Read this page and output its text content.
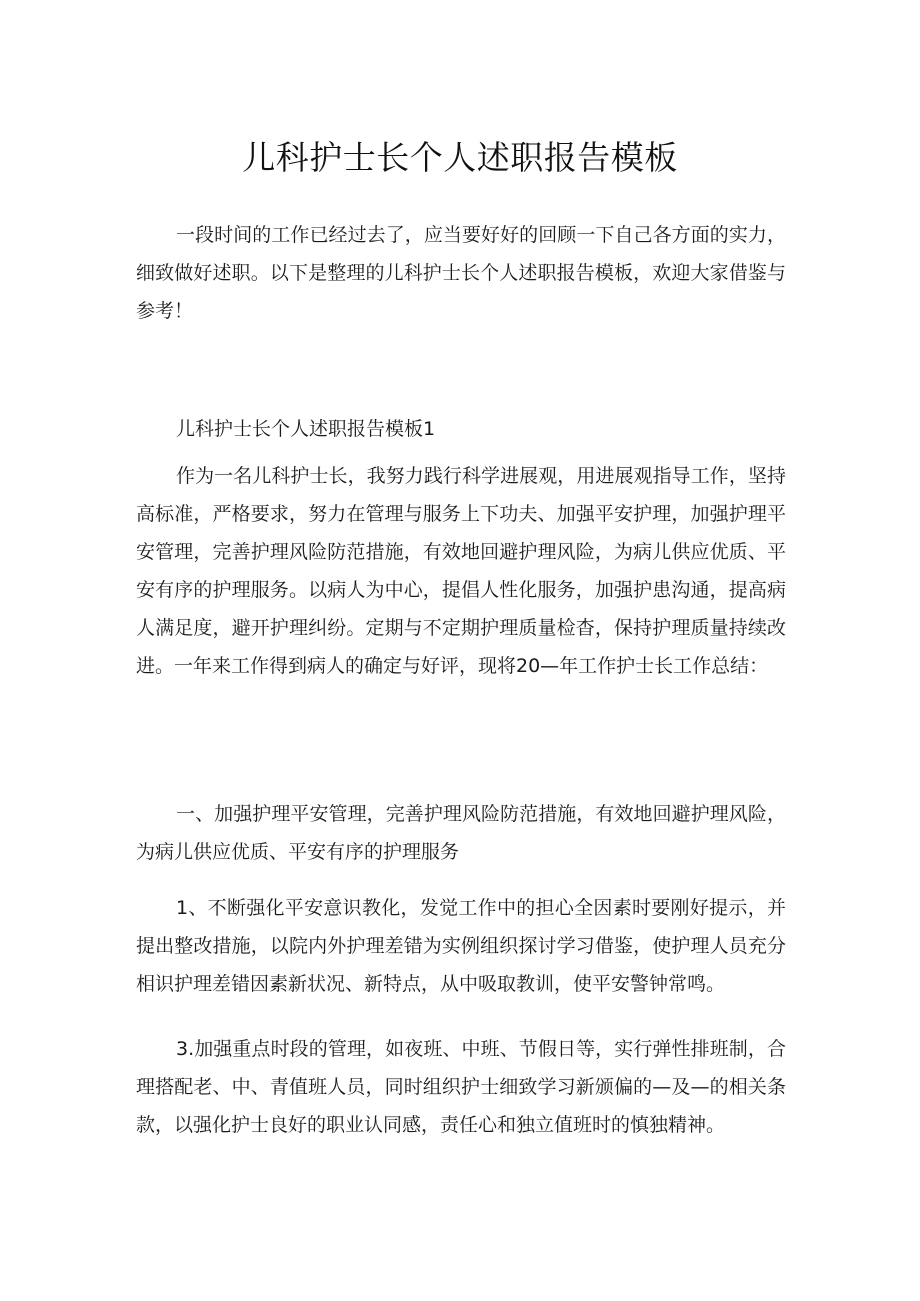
儿科护士长个人述职报告模板

一段时间的工作已经过去了，应当要好好的回顾一下自己各方面的实力，细致做好述职。以下是整理的儿科护士长个人述职报告模板，欢迎大家借鉴与参考！

儿科护士长个人述职报告模板1

作为一名儿科护士长，我努力践行科学进展观，用进展观指导工作，坚持高标准，严格要求，努力在管理与服务上下功夫、加强平安护理，加强护理平安管理，完善护理风险防范措施，有效地回避护理风险，为病儿供应优质、平安有序的护理服务。以病人为中心，提倡人性化服务，加强护患沟通，提高病人满足度，避开护理纠纷。定期与不定期护理质量检杳，保持护理质量持续改进。一年来工作得到病人的确定与好评，现将20—年工作护士长工作总结：

一、加强护理平安管理，完善护理风险防范措施，有效地回避护理风险，为病儿供应优质、平安有序的护理服务

1、不断强化平安意识教化，发觉工作中的担心全因素时要刚好提示，并提出整改措施，以院内外护理差错为实例组织探讨学习借鉴，使护理人员充分相识护理差错因素新状况、新特点，从中吸取教训，使平安警钟常鸣。

3.加强重点时段的管理，如夜班、中班、节假日等，实行弹性排班制，合理搭配老、中、青值班人员，同时组织护士细致学习新颁偏的—及—的相关条款，以强化护士良好的职业认同感，责任心和独立值班时的慎独精神。
